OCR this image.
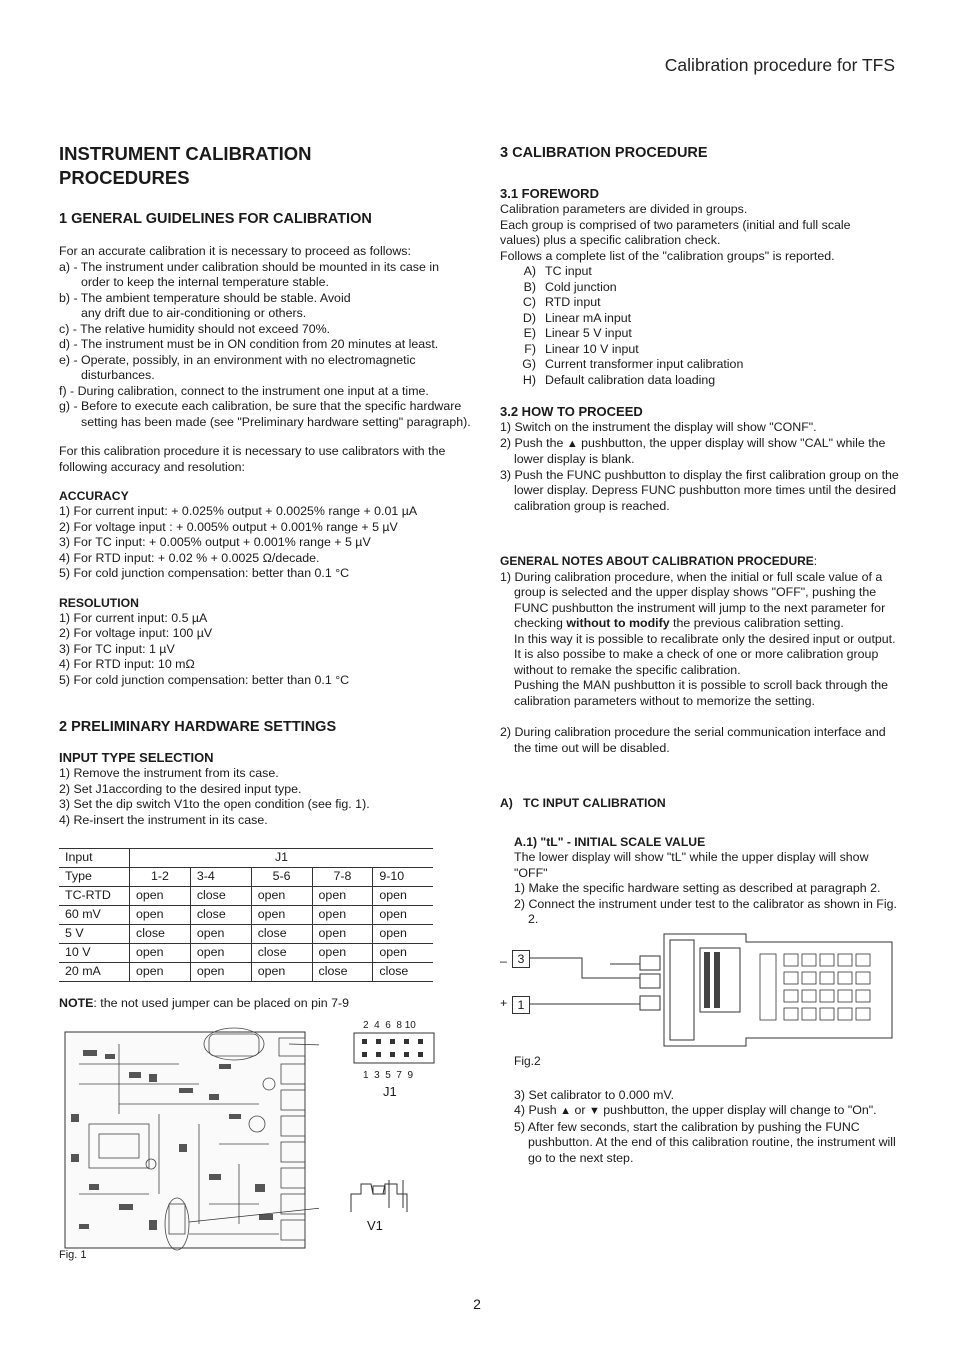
Calibration procedure for TFS
INSTRUMENT CALIBRATION PROCEDURES
1 GENERAL GUIDELINES FOR CALIBRATION

For an accurate calibration it is necessary to proceed as follows:

a) - The instrument under calibration should be mounted in its case in order to keep the internal temperature stable.
b) - The ambient temperature should be stable. Avoid any drift due to air-conditioning or others.
c) - The relative humidity should not exceed 70%.
d) - The instrument must be in ON condition from 20 minutes at least.
e) - Operate, possibly, in an environment with no electromagnetic disturbances.
f) - During calibration, connect to the instrument one input at a time.
g) - Before to execute each calibration, be sure that the specific hardware setting has been made (see "Preliminary hardware setting" paragraph).

For this calibration procedure it is necessary to use calibrators with the following accuracy and resolution:

ACCURACY
1) For current input: + 0.025% output + 0.0025% range + 0.01 µA
2) For voltage input : + 0.005% output + 0.001% range + 5 µV
3) For TC input: + 0.005% output + 0.001% range + 5 µV
4) For RTD input: + 0.02 % + 0.0025 Ω/decade.
5) For cold junction compensation: better than 0.1 °C
RESOLUTION
1) For current input: 0.5 µA
2) For voltage input: 100 µV
3) For TC input: 1 µV
4) For RTD input: 10 mΩ
5) For cold junction compensation: better than 0.1 °C
2 PRELIMINARY HARDWARE SETTINGS
INPUT TYPE SELECTION
1) Remove the instrument from its case.
2) Set J1according to the desired input type.
3) Set the dip switch V1to the open condition (see fig. 1).
4) Re-insert the instrument in its case.
Input	J1				
Type	1-2	3-4	5-6	7-8	9-10
TC-RTD	open	close	open	open	open
60 mV	open	close	open	open	open
5 V	close	open	close	open	open
10 V	open	open	close	open	open
20 mA	open	open	open	close	close

NOTE: the not used jumper can be placed on pin 7-9

2  4  6  8 10
1  3  5  7  9
J1
V1
Fig. 1
3 CALIBRATION PROCEDURE
3.1 FOREWORD

Calibration parameters are divided in groups.

Each group is comprised of two parameters (initial and full scale values) plus a specific calibration check.

Follows a complete list of the "calibration groups" is reported.

A) TC input
B) Cold junction
C) RTD input
D) Linear mA input
E) Linear 5 V input
F) Linear 10 V input
G) Current transformer input calibration
H) Default calibration data loading
3.2 HOW TO PROCEED
1) Switch on the instrument the display will show "CONF".
2) Push the ▲ pushbutton, the upper display will show "CAL" while the lower display is blank.
3) Push the FUNC pushbutton to display the first calibration group on the lower display. Depress FUNC pushbutton more times until the desired calibration group is reached.

GENERAL NOTES ABOUT CALIBRATION PROCEDURE:

1) During calibration procedure, when the initial or full scale value of a group is selected and the upper display shows "OFF", pushing the FUNC pushbutton the instrument will jump to the next parameter for checking without to modify the previous calibration setting.

In this way it is possible to recalibrate only the desired input or output.

It is also possibe to make a check of one or more calibration group without to remake the specific calibration.

Pushing the MAN pushbutton it is possible to scroll back through the calibration parameters without to memorize the setting.

2) During calibration procedure the serial communication interface and the time out will be disabled.
A)   TC INPUT CALIBRATION
A.1) "tL" - INITIAL SCALE VALUE

The lower display will show "tL" while the upper display will show "OFF"

1) Make the specific hardware setting as described at paragraph 2.
2) Connect the instrument under test to the calibrator as shown in Fig. 2.
– 3
+ 1
Fig.2
3) Set calibrator to 0.000 mV.
4) Push ▲ or ▼ pushbutton, the upper display will change to "On".
5) After few seconds, start the calibration by pushing the FUNC pushbutton. At the end of this calibration routine, the instrument will go to the next step.
2
